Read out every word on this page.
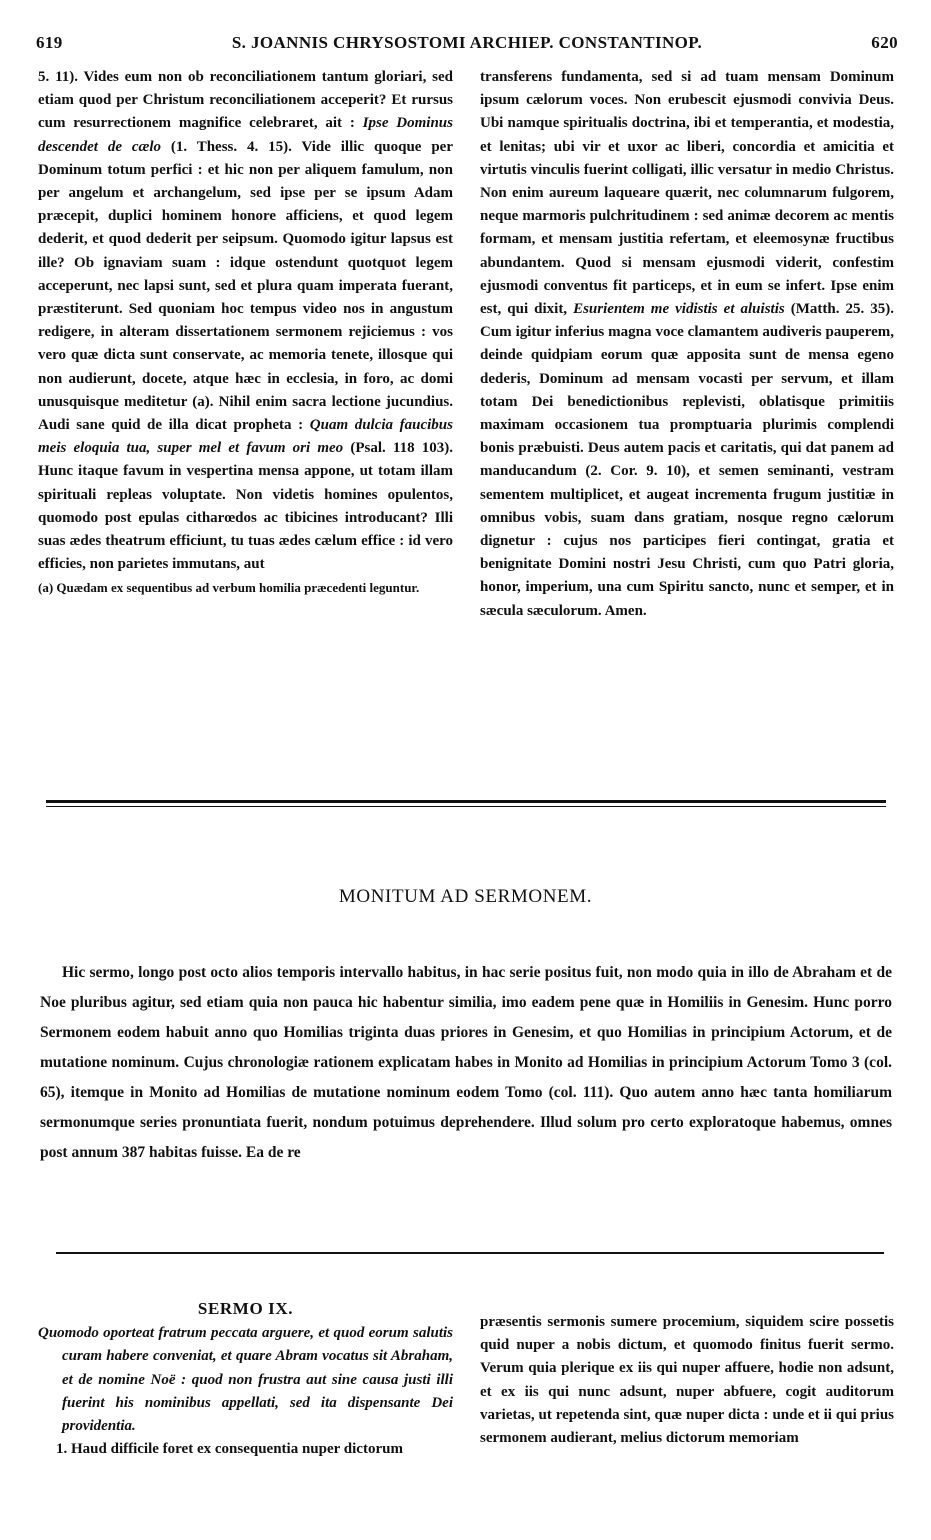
619	S. JOANNIS CHRYSOSTOMI ARCHIEP. CONSTANTINOP.	620

5. 11). Vides eum non ob reconciliationem tantum gloriari, sed etiam quod per Christum reconciliationem acceperit? Et rursus cum resurrectionem magnifice celebraret, ait : Ipse Dominus descendet de cælo (1. Thess. 4. 15). Vide illic quoque per Dominum totum perfici : et hic non per aliquem famulum, non per angelum et archangelum, sed ipse per se ipsum Adam præcepit, duplici hominem honore afficiens, et quod legem dederit, et quod dederit per seipsum. Quomodo igitur lapsus est ille? Ob ignaviam suam : idque ostendunt quotquot legem acceperunt, nec lapsi sunt, sed et plura quam imperata fuerant, præstiterunt. Sed quoniam hoc tempus video nos in angustum redigere, in alteram dissertationem sermonem rejiciemus : vos vero quæ dicta sunt conservate, ac memoria tenete, illosque qui non audierunt, docete, atque hæc in ecclesia, in foro, ac domi unusquisque meditetur (a). Nihil enim sacra lectione jucundius. Audi sane quid de illa dicat propheta : Quam dulcia faucibus meis eloquia tua, super mel et favum ori meo (Psal. 118 103). Hunc itaque favum in vespertina mensa appone, ut totam illam spirituali repleas voluptate. Non videtis homines opulentos, quomodo post epulas citharœdos ac tibicines introducant? Illi suas ædes theatrum efficiunt, tu tuas ædes cælum effice : id vero efficies, non parietes immutans, aut

(a) Quædam ex sequentibus ad verbum homilia præcedenti leguntur.

transferens fundamenta, sed si ad tuam mensam Dominum ipsum cælorum voces. Non erubescit ejusmodi convivia Deus. Ubi namque spiritualis doctrina, ibi et temperantia, et modestia, et lenitas; ubi vir et uxor ac liberi, concordia et amicitia et virtutis vinculis fuerint colligati, illic versatur in medio Christus. Non enim aureum laqueare quærit, nec columnarum fulgorem, neque marmoris pulchritudinem : sed animæ decorem ac mentis formam, et mensam justitia refertam, et eleemosynæ fructibus abundantem. Quod si mensam ejusmodi viderit, confestim ejusmodi conventus fit particeps, et in eum se infert. Ipse enim est, qui dixit, Esurientem me vidistis et aluistis (Matth. 25. 35). Cum igitur inferius magna voce clamantem audiveris pauperem, deinde quidpiam eorum quæ apposita sunt de mensa egeno dederis, Dominum ad mensam vocasti per servum, et illam totam Dei benedictionibus replevisti, oblatisque primitiis maximam occasionem tua promptuaria plurimis complendi bonis præbuisti. Deus autem pacis et caritatis, qui dat panem ad manducandum (2. Cor. 9. 10), et semen seminanti, vestram sementem multiplicet, et augeat incrementa frugum justitiæ in omnibus vobis, suam dans gratiam, nosque regno cælorum dignetur : cujus nos participes fieri contingat, gratia et benignitate Domini nostri Jesu Christi, cum quo Patri gloria, honor, imperium, una cum Spiritu sancto, nunc et semper, et in sæcula sæculorum. Amen.

MONITUM AD SERMONEM.

Hic sermo, longo post octo alios temporis intervallo habitus, in hac serie positus fuit, non modo quia in illo de Abraham et de Noe pluribus agitur, sed etiam quia non pauca hic habentur similia, imo eadem pene quæ in Homiliis in Genesim. Hunc porro Sermonem eodem habuit anno quo Homilias triginta duas priores in Genesim, et quo Homilias in principium Actorum, et de mutatione nominum. Cujus chronologiæ rationem explicatam habes in Monito ad Homilias in principium Actorum Tomo 3 (col. 65), itemque in Monito ad Homilias de mutatione nominum eodem Tomo (col. 111). Quo autem anno hæc tanta homiliarum sermonumque series pronuntiata fuerit, nondum potuimus deprehendere. Illud solum pro certo exploratoque habemus, omnes post annum 387 habitas fuisse. Ea de re

SERMO IX.

Quomodo oporteat fratrum peccata arguere, et quod eorum salutis curam habere conveniat, et quare Abram vocatus sit Abraham, et de nomine Noë : quod non frustra aut sine causa justi illi fuerint his nominibus appellati, sed ita dispensante Dei providentia.

1. Haud difficile foret ex consequentia nuper dictorum

præsentis sermonis sumere procemium, siquidem scire possetis quid nuper a nobis dictum, et quomodo finitus fuerit sermo. Verum quia plerique ex iis qui nuper affuere, hodie non adsunt, et ex iis qui nunc adsunt, nuper abfuere, cogit auditorum varietas, ut repetenda sint, quæ nuper dicta : unde et ii qui prius sermonem audierant, melius dictorum memoriam
